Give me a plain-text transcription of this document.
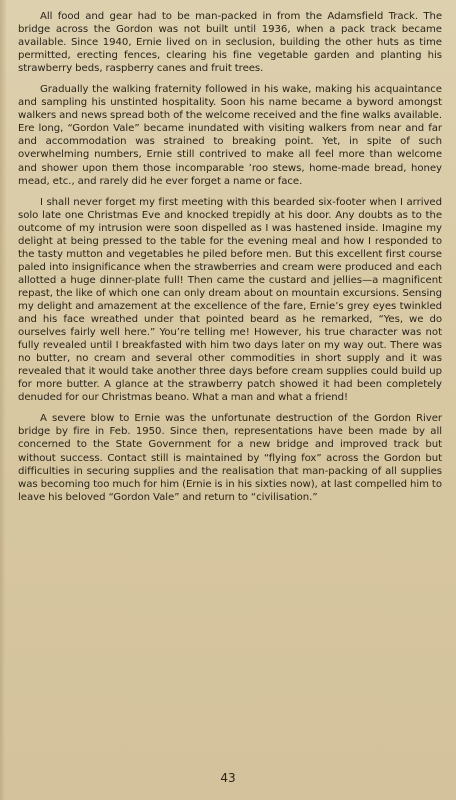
All food and gear had to be man-packed in from the Adamsfield Track. The bridge across the Gordon was not built until 1936, when a pack track became available. Since 1940, Ernie lived on in seclusion, building the other huts as time permitted, erecting fences, clearing his fine vegetable garden and planting his strawberry beds, raspberry canes and fruit trees.

Gradually the walking fraternity followed in his wake, making his acquaintance and sampling his unstinted hospitality. Soon his name became a byword amongst walkers and news spread both of the welcome received and the fine walks available. Ere long, “Gordon Vale” became inundated with visiting walkers from near and far and accommodation was strained to breaking point. Yet, in spite of such overwhelming numbers, Ernie still contrived to make all feel more than welcome and shower upon them those incomparable ’roo stews, home-made bread, honey mead, etc., and rarely did he ever forget a name or face.

I shall never forget my first meeting with this bearded six-footer when I arrived solo late one Christmas Eve and knocked trepidly at his door. Any doubts as to the outcome of my intrusion were soon dispelled as I was hastened inside. Imagine my delight at being pressed to the table for the evening meal and how I responded to the tasty mutton and vegetables he piled before men. But this excellent first course paled into insignificance when the strawberries and cream were produced and each allotted a huge dinner-plate full! Then came the custard and jellies—a magnificent repast, the like of which one can only dream about on mountain excursions. Sensing my delight and amazement at the excellence of the fare, Ernie’s grey eyes twinkled and his face wreathed under that pointed beard as he remarked, “Yes, we do ourselves fairly well here.” You’re telling me! However, his true character was not fully revealed until I breakfasted with him two days later on my way out. There was no butter, no cream and several other commodities in short supply and it was revealed that it would take another three days before cream supplies could build up for more butter. A glance at the strawberry patch showed it had been completely denuded for our Christmas beano. What a man and what a friend!

A severe blow to Ernie was the unfortunate destruction of the Gordon River bridge by fire in Feb. 1950. Since then, representations have been made by all concerned to the State Government for a new bridge and improved track but without success. Contact still is maintained by “flying fox” across the Gordon but difficulties in securing supplies and the realisation that man-packing of all supplies was becoming too much for him (Ernie is in his sixties now), at last compelled him to leave his beloved “Gordon Vale” and return to “civilisation.”

43
